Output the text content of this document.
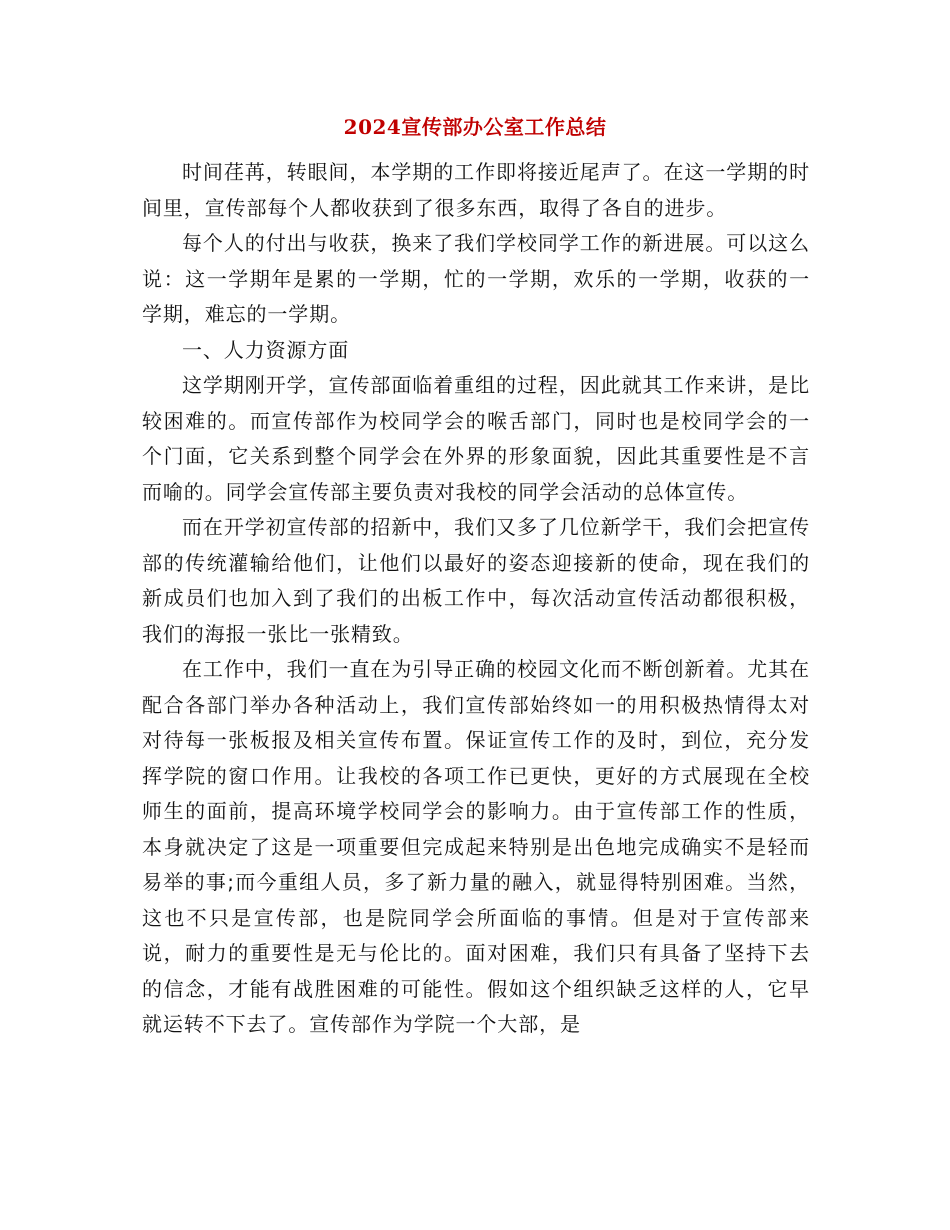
2024宣传部办公室工作总结

时间荏苒，转眼间，本学期的工作即将接近尾声了。在这一学期的时间里，宣传部每个人都收获到了很多东西，取得了各自的进步。

每个人的付出与收获，换来了我们学校同学工作的新进展。可以这么说：这一学期年是累的一学期，忙的一学期，欢乐的一学期，收获的一学期，难忘的一学期。

一、人力资源方面

这学期刚开学，宣传部面临着重组的过程，因此就其工作来讲，是比较困难的。而宣传部作为校同学会的喉舌部门，同时也是校同学会的一个门面，它关系到整个同学会在外界的形象面貌，因此其重要性是不言而喻的。同学会宣传部主要负责对我校的同学会活动的总体宣传。

而在开学初宣传部的招新中，我们又多了几位新学干，我们会把宣传部的传统灌输给他们，让他们以最好的姿态迎接新的使命，现在我们的新成员们也加入到了我们的出板工作中，每次活动宣传活动都很积极，我们的海报一张比一张精致。

在工作中，我们一直在为引导正确的校园文化而不断创新着。尤其在配合各部门举办各种活动上，我们宣传部始终如一的用积极热情得太对对待每一张板报及相关宣传布置。保证宣传工作的及时，到位，充分发挥学院的窗口作用。让我校的各项工作已更快，更好的方式展现在全校师生的面前，提高环境学校同学会的影响力。由于宣传部工作的性质，本身就决定了这是一项重要但完成起来特别是出色地完成确实不是轻而易举的事;而今重组人员，多了新力量的融入，就显得特别困难。当然，这也不只是宣传部，也是院同学会所面临的事情。但是对于宣传部来说，耐力的重要性是无与伦比的。面对困难，我们只有具备了坚持下去的信念，才能有战胜困难的可能性。假如这个组织缺乏这样的人，它早就运转不下去了。宣传部作为学院一个大部，是
